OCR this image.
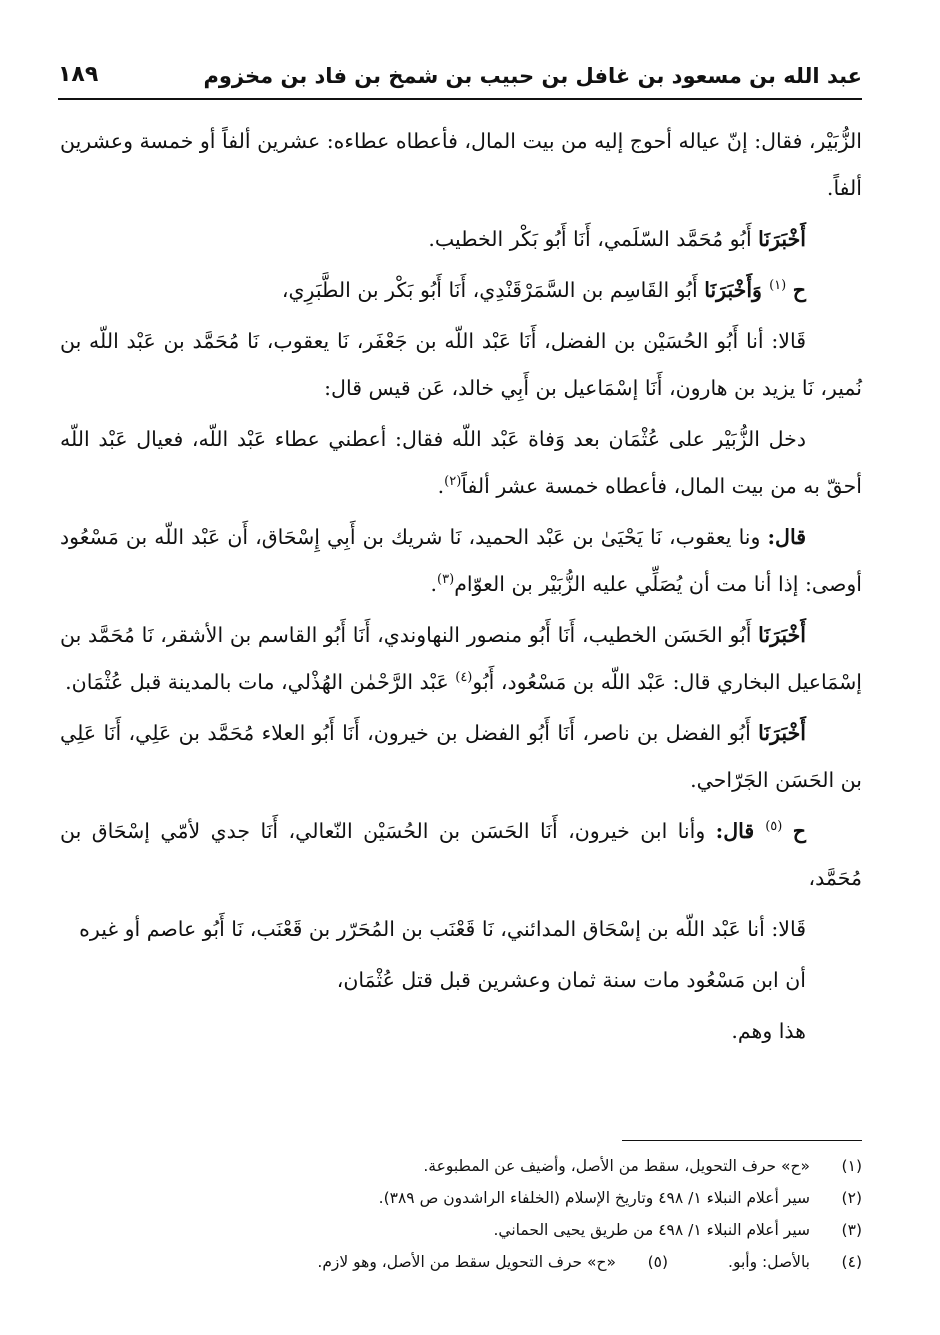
عبد الله بن مسعود بن غافل بن حبيب بن شمخ بن فاد بن مخزوم
١٨٩

الزُّبَيْر، فقال: إنّ عياله أحوج إليه من بيت المال، فأعطاه عطاءه: عشرين ألفاً أو خمسة وعشرين ألفاً.

أَخْبَرَنَا أَبُو مُحَمَّد السّلَمي، أَنَا أَبُو بَكْر الخطيب.

ح $^{(١)}$ وَأَخْبَرَنَا أَبُو القَاسِم بن السَّمَرْقَنْدِي، أَنَا أَبُو بَكْر بن الطَّبَرِي،

قَالا: أنا أَبُو الحُسَيْن بن الفضل، أَنَا عَبْد اللّه بن جَعْفَر، نَا يعقوب، نَا مُحَمَّد بن عَبْد اللّه بن نُمير، نَا يزيد بن هارون، أَنَا إسْمَاعيل بن أَبِي خالد، عَن قيس قال:

دخل الزُّبَيْر على عُثْمَان بعد وَفاة عَبْد اللّه فقال: أعطني عطاء عَبْد اللّه، فعيال عَبْد اللّه أحقّ به من بيت المال، فأعطاه خمسة عشر ألفاً$^{(٢)}$.

قال: ونا يعقوب، نَا يَحْيَىٰ بن عَبْد الحميد، نَا شريك بن أَبِي إِسْحَاق، أَن عَبْد اللّه بن مَسْعُود أوصى: إذا أنا مت أن يُصَلِّي عليه الزُّبَيْر بن العوّام$^{(٣)}$.

أَخْبَرَنَا أَبُو الحَسَن الخطيب، أَنَا أَبُو منصور النهاوندي، أَنَا أَبُو القاسم بن الأشقر، نَا مُحَمَّد بن إسْمَاعيل البخاري قال: عَبْد اللّه بن مَسْعُود، أَبُو$^{(٤)}$ عَبْد الرَّحْمٰن الهُذْلي، مات بالمدينة قبل عُثْمَان.

أَخْبَرَنَا أَبُو الفضل بن ناصر، أَنَا أَبُو الفضل بن خيرون، أَنَا أَبُو العلاء مُحَمَّد بن عَلِي، أَنَا عَلِي بن الحَسَن الجَرّاحي.

ح $^{(٥)}$ قال: وأنا ابن خيرون، أَنَا الحَسَن بن الحُسَيْن النّعالي، أَنَا جدي لأمّي إسْحَاق بن مُحَمَّد،

قَالا: أنا عَبْد اللّه بن إسْحَاق المدائني، نَا قَعْنَب بن المُحَرّر بن قَعْنَب، نَا أَبُو عاصم أو غيره

أن ابن مَسْعُود مات سنة ثمان وعشرين قبل قتل عُثْمَان،

هذا وهم.

(١)
«ح» حرف التحويل، سقط من الأصل، وأضيف عن المطبوعة.
(٢)
سير أعلام النبلاء ١/ ٤٩٨ وتاريخ الإسلام (الخلفاء الراشدون ص ٣٨٩).
(٣)
سير أعلام النبلاء ١/ ٤٩٨ من طريق يحيى الحماني.
(٤)
بالأصل: وأبو.
(٥)
«ح» حرف التحويل سقط من الأصل، وهو لازم.
